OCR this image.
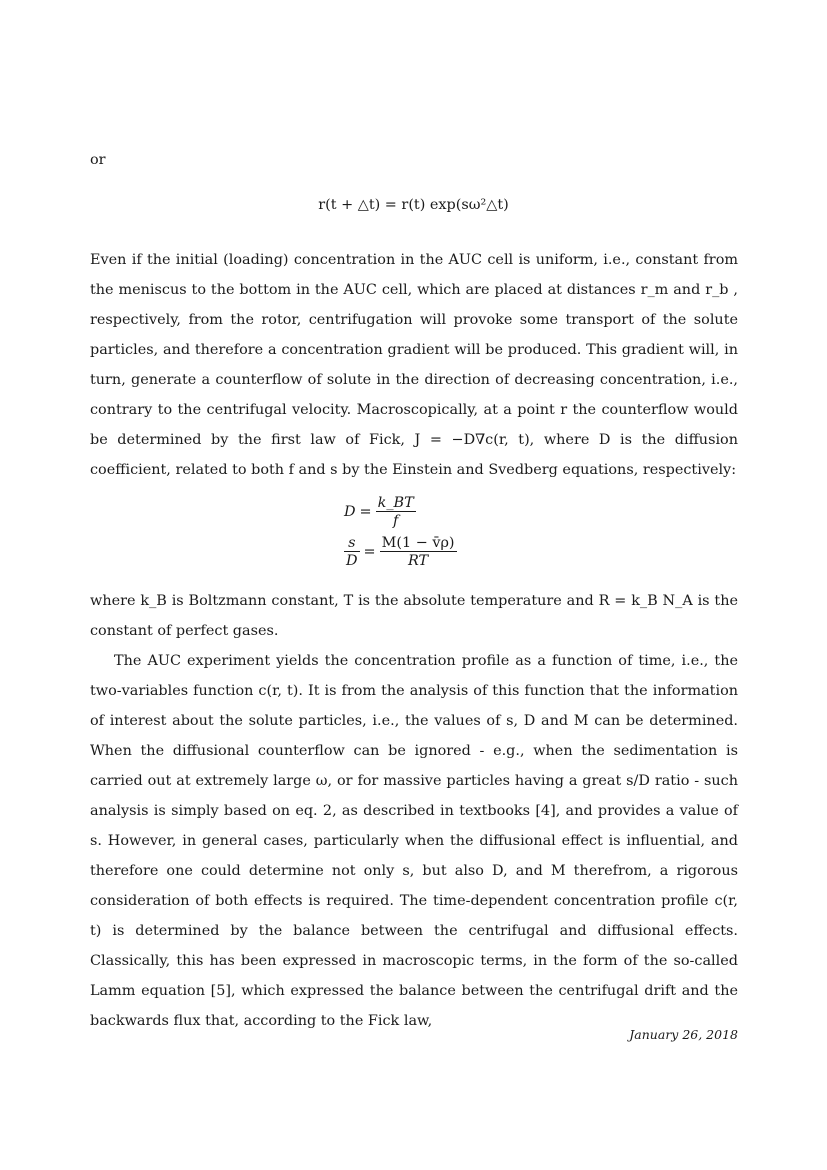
or
r(t + △t) = r(t) exp(sω²△t)

Even if the initial (loading) concentration in the AUC cell is uniform, i.e., constant from the meniscus to the bottom in the AUC cell, which are placed at distances r_m and r_b , respectively, from the rotor, centrifugation will provoke some transport of the solute particles, and therefore a concentration gradient will be produced. This gradient will, in turn, generate a counterflow of solute in the direction of decreasing concentration, i.e., contrary to the centrifugal velocity. Macroscopically, at a point r the counterflow would be determined by the first law of Fick, J = −D∇c(r, t), where D is the diffusion coefficient, related to both f and s by the Einstein and Svedberg equations, respectively:

$D = \frac{k\_BT}{f}$
$\frac{s}{D} = \frac{M(1 - v̄\rho)}{RT}$

where k_B is Boltzmann constant, T is the absolute temperature and R = k_B N_A is the constant of perfect gases.

The AUC experiment yields the concentration profile as a function of time, i.e., the two-variables function c(r, t). It is from the analysis of this function that the information of interest about the solute particles, i.e., the values of s, D and M can be determined. When the diffusional counterflow can be ignored - e.g., when the sedimentation is carried out at extremely large ω, or for massive particles having a great s/D ratio - such analysis is simply based on eq. 2, as described in textbooks [4], and provides a value of s. However, in general cases, particularly when the diffusional effect is influential, and therefore one could determine not only s, but also D, and M therefrom, a rigorous consideration of both effects is required. The time-dependent concentration profile c(r, t) is determined by the balance between the centrifugal and diffusional effects. Classically, this has been expressed in macroscopic terms, in the form of the so-called Lamm equation [5], which expressed the balance between the centrifugal drift and the backwards flux that, according to the Fick law,

January 26, 2018
